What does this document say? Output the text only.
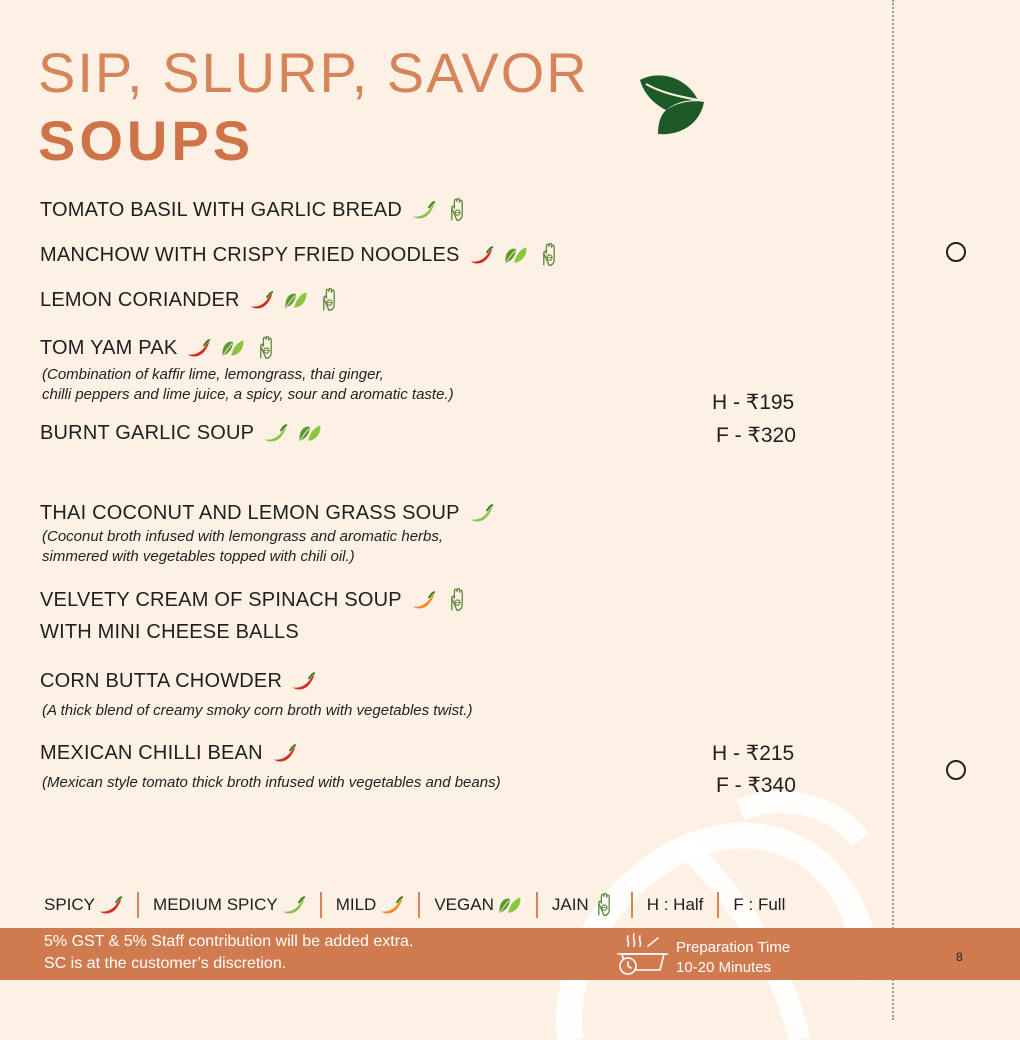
SIP, SLURP, SAVOR
SOUPS
TOMATO BASIL WITH GARLIC BREAD
MANCHOW WITH CRISPY FRIED NOODLES
LEMON CORIANDER
TOM YAM PAK
(Combination of kaffir lime, lemongrass, thai ginger,
chilli peppers and lime juice, a spicy, sour and aromatic taste.)
BURNT GARLIC SOUP
H - ₹195
F - ₹320
THAI COCONUT AND LEMON GRASS SOUP
(Coconut broth infused with lemongrass and aromatic herbs,
simmered with vegetables topped with chili oil.)
VELVETY CREAM OF SPINACH SOUP
WITH MINI CHEESE BALLS
CORN BUTTA CHOWDER
(A thick blend of creamy smoky corn broth with vegetables twist.)
MEXICAN CHILLI BEAN
(Mexican style tomato thick broth infused with vegetables and beans)
H - ₹215
F - ₹340
SPICY	MEDIUM SPICY	MILD	VEGAN	JAIN	H : Half F : Full
5% GST & 5% Staff contribution will be added extra.
SC is at the customer’s discretion.
Preparation Time
10-20 Minutes
8
